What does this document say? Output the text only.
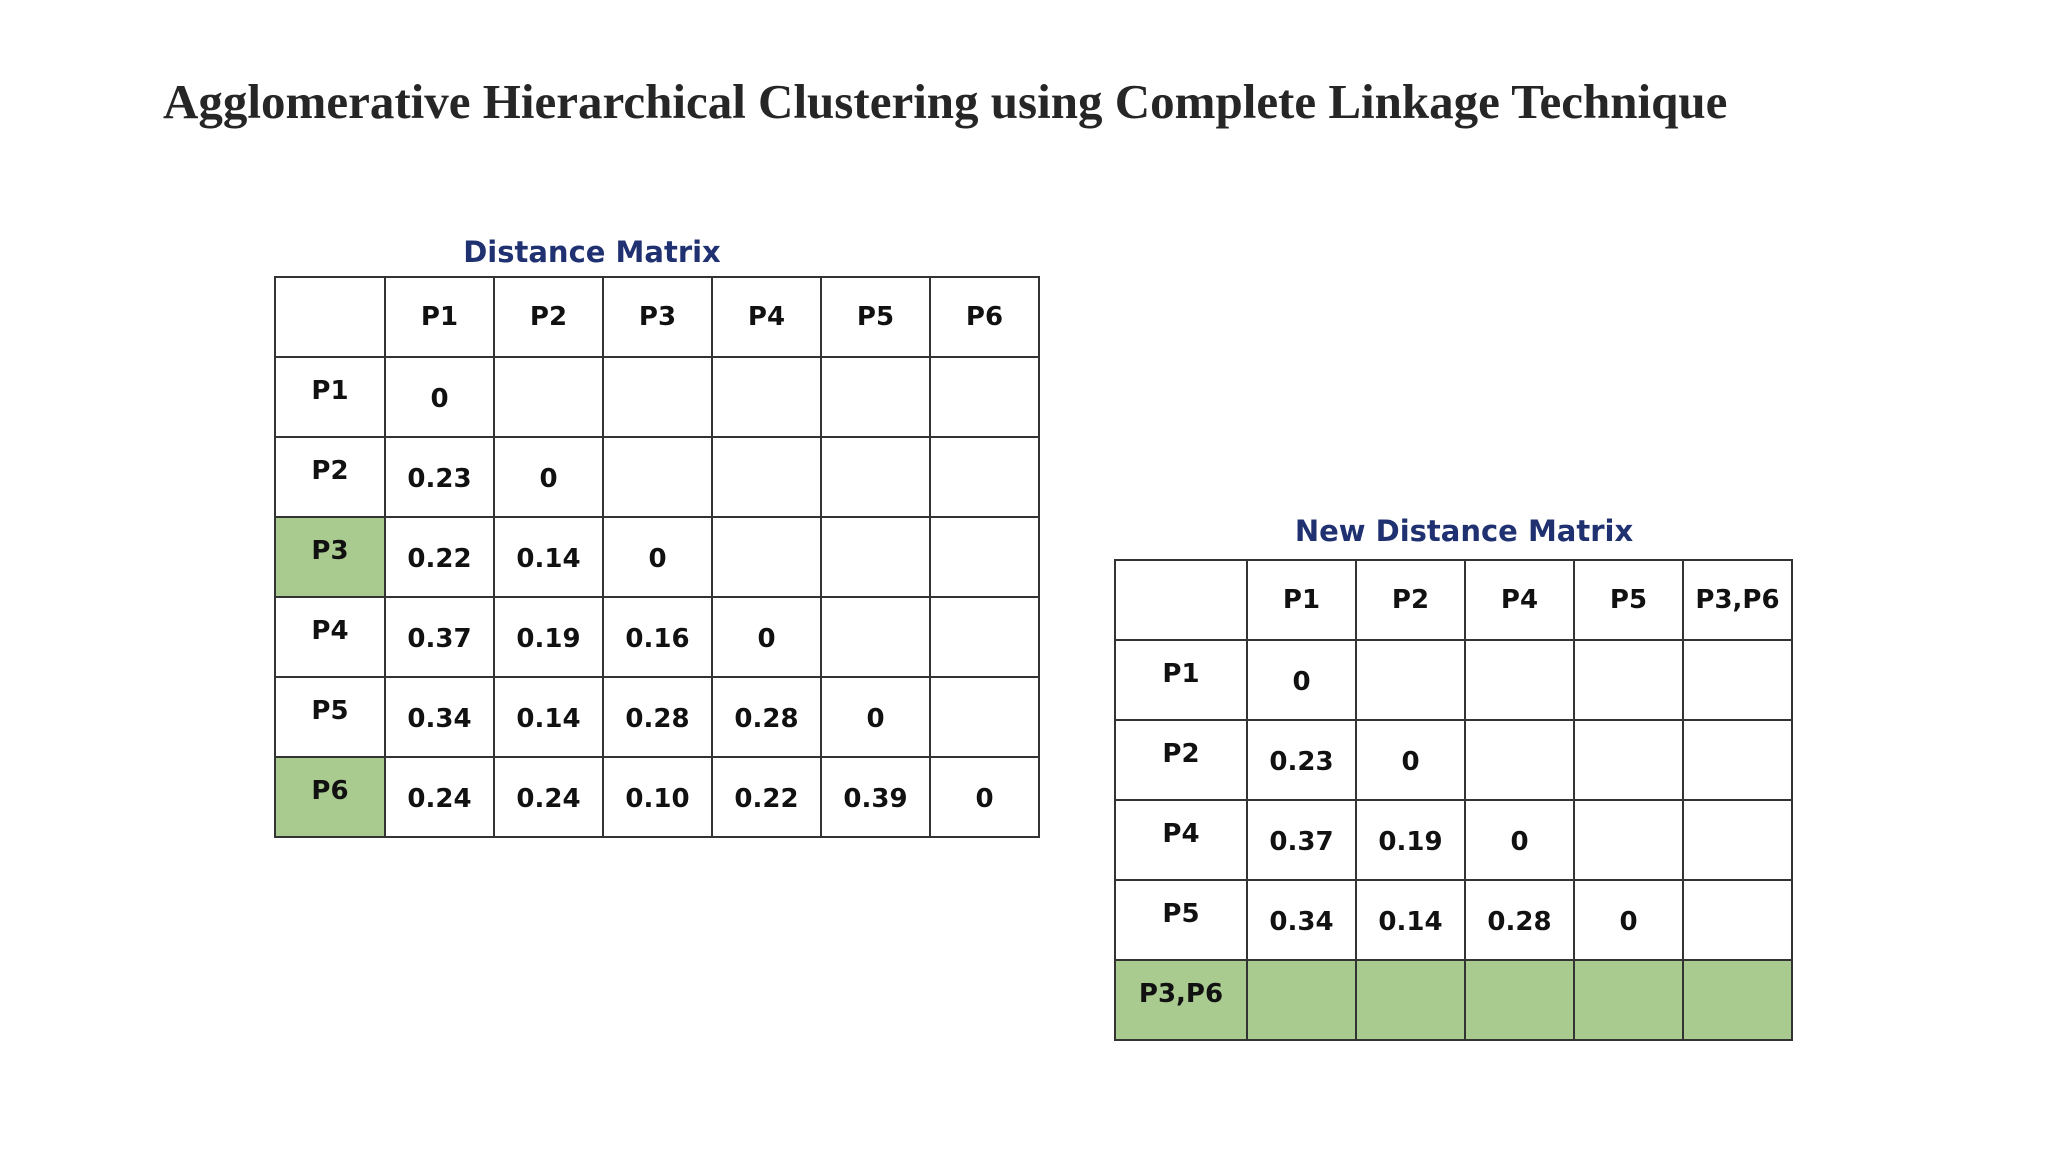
Agglomerative Hierarchical Clustering using Complete Linkage Technique
Distance Matrix
	P1	P2	P3	P4	P5	P6
P1	0					
P2	0.23	0				
P3	0.22	0.14	0			
P4	0.37	0.19	0.16	0		
P5	0.34	0.14	0.28	0.28	0	
P6	0.24	0.24	0.10	0.22	0.39	0
New Distance Matrix
	P1	P2	P4	P5	P3,P6
P1	0				
P2	0.23	0			
P4	0.37	0.19	0		
P5	0.34	0.14	0.28	0	
P3,P6					
